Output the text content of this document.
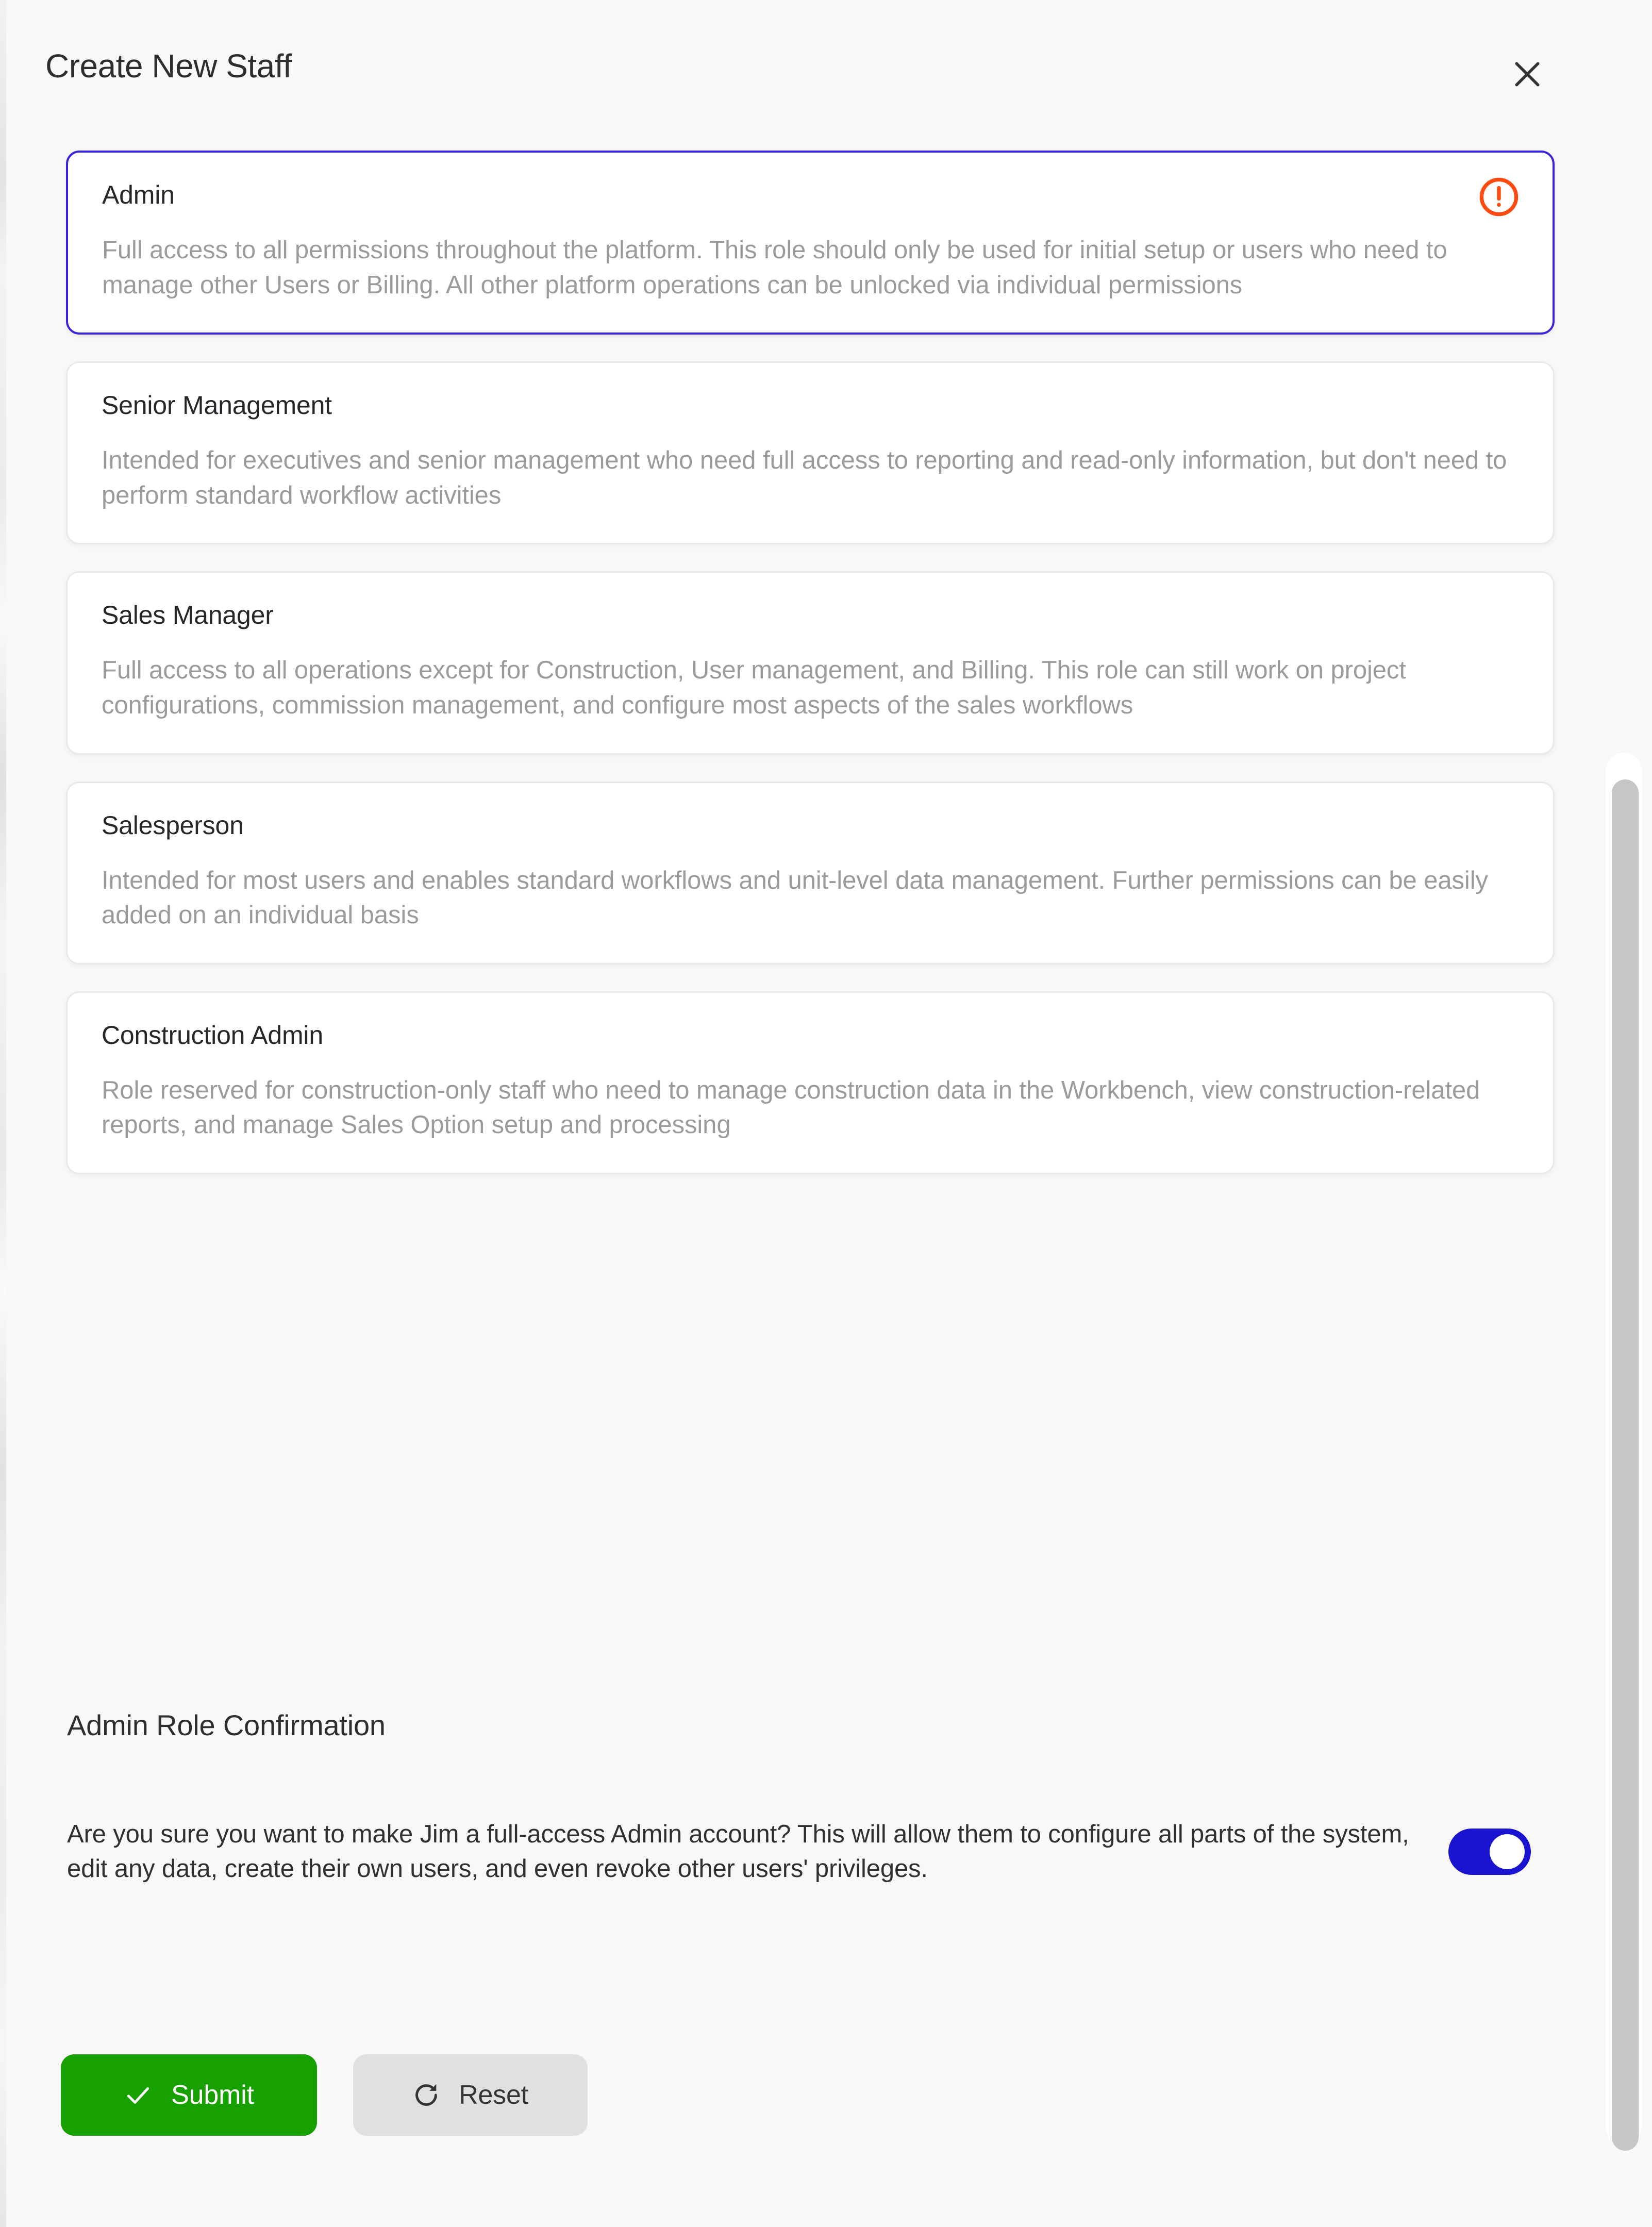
Create New Staff
Admin
Full access to all permissions throughout the platform. This role should only be used for initial setup or users who need to manage other Users or Billing. All other platform operations can be unlocked via individual permissions
Senior Management
Intended for executives and senior management who need full access to reporting and read-only information, but don't need to perform standard workflow activities
Sales Manager
Full access to all operations except for Construction, User management, and Billing. This role can still work on project configurations, commission management, and configure most aspects of the sales workflows
Salesperson
Intended for most users and enables standard workflows and unit-level data management. Further permissions can be easily added on an individual basis
Construction Admin
Role reserved for construction-only staff who need to manage construction data in the Workbench, view construction-related reports, and manage Sales Option setup and processing
Admin Role Confirmation
Are you sure you want to make Jim a full-access Admin account? This will allow them to configure all parts of the system, edit any data, create their own users, and even revoke other users' privileges.
Submit	Reset
